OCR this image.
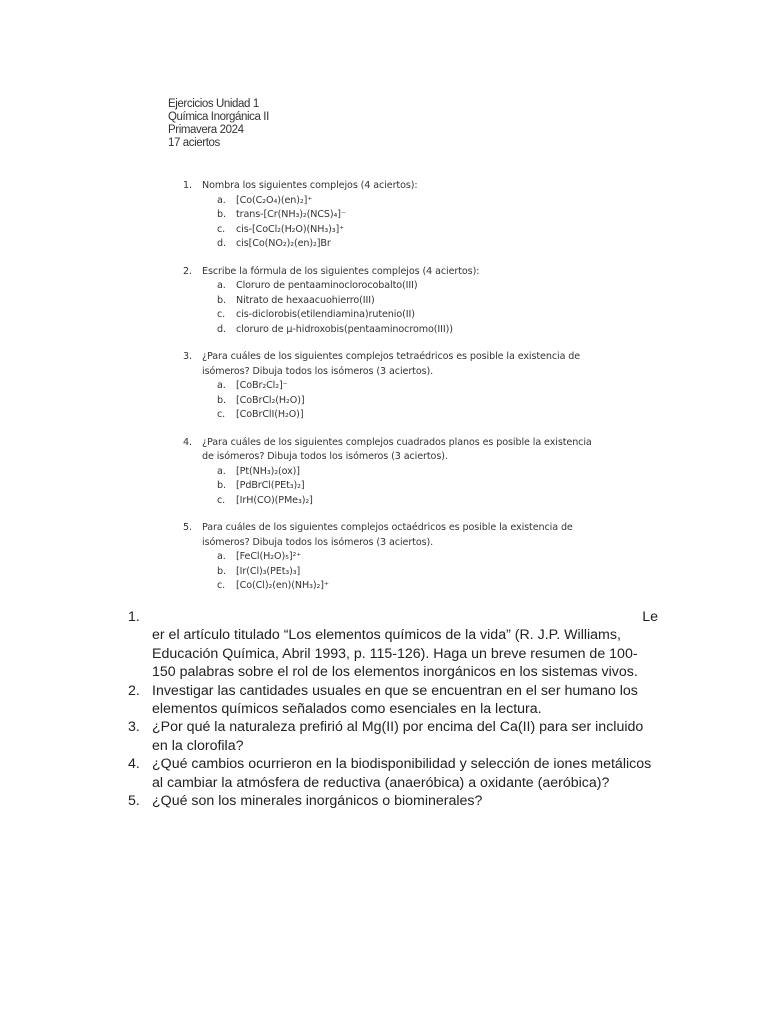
Ejercicios Unidad 1
Química Inorgánica II
Primavera 2024
17 aciertos
1.	Nombra los siguientes complejos (4 aciertos):
a.	[Co(C₂O₄)(en)₂]⁺
b.	trans-[Cr(NH₃)₂(NCS)₄]⁻
c.	cis-[CoCl₂(H₂O)(NH₃)₃]⁺
d.	cis[Co(NO₂)₂(en)₂]Br
2.	Escribe la fórmula de los siguientes complejos (4 aciertos):
a.	Cloruro de pentaaminoclorocobalto(III)
b.	Nitrato de hexaacuohierro(III)
c.	cis-diclorobis(etilendiamina)rutenio(II)
d.	cloruro de μ-hidroxobis(pentaaminocromo(III))
3.	¿Para cuáles de los siguientes complejos tetraédricos es posible la existencia de
isómeros? Dibuja todos los isómeros (3 aciertos).
a.	[CoBr₂Cl₂]⁻
b.	[CoBrCl₂(H₂O)]
c.	[CoBrClI(H₂O)]
4.	¿Para cuáles de los siguientes complejos cuadrados planos es posible la existencia
de isómeros? Dibuja todos los isómeros (3 aciertos).
a.	[Pt(NH₃)₂(ox)]
b.	[PdBrCl(PEt₃)₂]
c.	[IrH(CO)(PMe₃)₂]
5.	Para cuáles de los siguientes complejos octaédricos es posible la existencia de
isómeros? Dibuja todos los isómeros (3 aciertos).
a.	[FeCl(H₂O)₅]²⁺
b.	[Ir(Cl)₃(PEt₃)₃]
c.	[Co(Cl)₂(en)(NH₃)₂]⁺
1.	Le
er el artículo titulado “Los elementos químicos de la vida” (R. J.P. Williams, Educación Química, Abril 1993, p. 115-126). Haga un breve resumen de 100-150 palabras sobre el rol de los elementos inorgánicos en los sistemas vivos.
2. Investigar las cantidades usuales en que se encuentran en el ser humano los elementos químicos señalados como esenciales en la lectura.
3. ¿Por qué la naturaleza prefirió al Mg(II) por encima del Ca(II) para ser incluido en la clorofila?
4. ¿Qué cambios ocurrieron en la biodisponibilidad y selección de iones metálicos al cambiar la atmósfera de reductiva (anaeróbica) a oxidante (aeróbica)?
5. ¿Qué son los minerales inorgánicos o biominerales?
